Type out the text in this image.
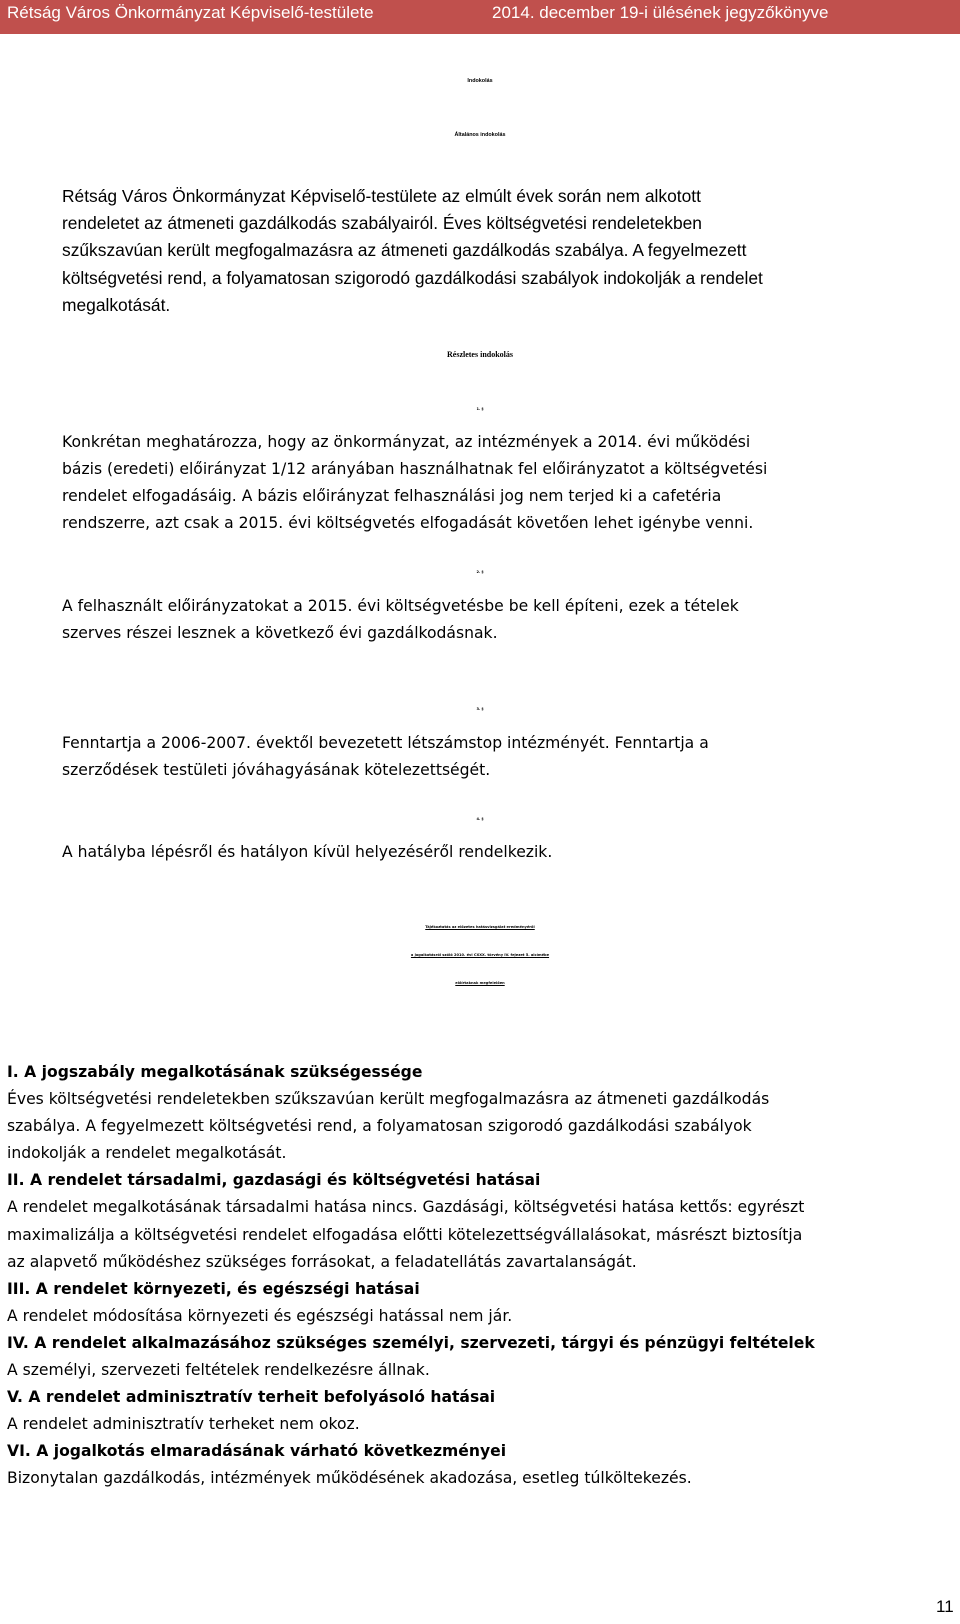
Rétság Város Önkormányzat Képviselő-testülete	2014. december 19-i ülésének jegyzőkönyve
Indokolás
Általános indokolás
Rétság Város Önkormányzat Képviselő-testülete az elmúlt évek során nem alkotott
rendeletet az átmeneti gazdálkodás szabályairól. Éves költségvetési rendeletekben
szűkszavúan került megfogalmazásra az átmeneti gazdálkodás szabálya. A fegyelmezett
költségvetési rend, a folyamatosan szigorodó gazdálkodási szabályok indokolják a rendelet
megalkotását.
Részletes indokolás
1. §
Konkrétan meghatározza, hogy az önkormányzat, az intézmények a 2014. évi működési
bázis (eredeti) előirányzat 1/12 arányában használhatnak fel előirányzatot a költségvetési
rendelet elfogadásáig. A bázis előirányzat felhasználási jog nem terjed ki a cafetéria
rendszerre, azt csak a 2015. évi költségvetés elfogadását követően lehet igénybe venni.
2. §
A felhasznált előirányzatokat a 2015. évi költségvetésbe be kell építeni, ezek a tételek
szerves részei lesznek a következő évi gazdálkodásnak.
3. §
Fenntartja a 2006-2007. évektől bevezetett létszámstop intézményét. Fenntartja a
szerződések testületi jóváhagyásának kötelezettségét.
4. §
A hatályba lépésről és hatályon kívül helyezéséről rendelkezik.
Tájékoztatás az előzetes hatásvizsgálat eredményéről
a jogalkotásról szóló 2010. évi CXXX. törvény IV. fejezet 5. alcímébe
előírtaknak megfelelően
I. A jogszabály megalkotásának szükségessége
Éves költségvetési rendeletekben szűkszavúan került megfogalmazásra az átmeneti gazdálkodás
szabálya. A fegyelmezett költségvetési rend, a folyamatosan szigorodó gazdálkodási szabályok
indokolják a rendelet megalkotását.
II. A rendelet társadalmi, gazdasági és költségvetési hatásai
A rendelet megalkotásának társadalmi hatása nincs. Gazdásági, költségvetési hatása kettős: egyrészt
maximalizálja a költségvetési rendelet elfogadása előtti kötelezettségvállalásokat, másrészt biztosítja
az alapvető működéshez szükséges forrásokat, a feladatellátás zavartalanságát.
III. A rendelet környezeti, és egészségi hatásai
A rendelet módosítása környezeti és egészségi hatással nem jár.
IV. A rendelet alkalmazásához szükséges személyi, szervezeti, tárgyi és pénzügyi feltételek
A személyi, szervezeti feltételek rendelkezésre állnak.
V. A rendelet adminisztratív terheit befolyásoló hatásai
A rendelet adminisztratív terheket nem okoz.
VI. A jogalkotás elmaradásának várható következményei
Bizonytalan gazdálkodás, intézmények működésének akadozása, esetleg túlköltekezés.
11
